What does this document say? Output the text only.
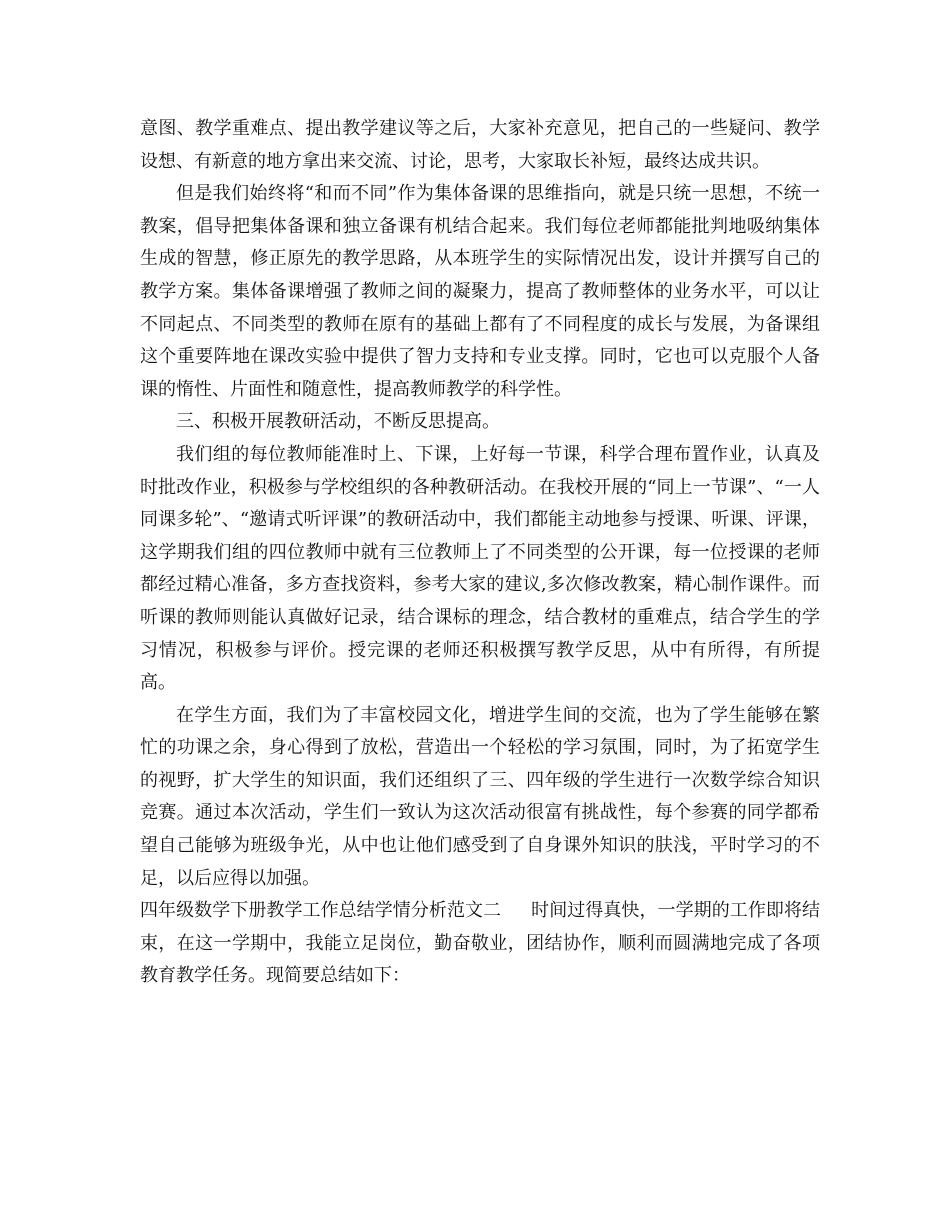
意图、教学重难点、提出教学建议等之后，大家补充意见，把自己的一些疑问、教学设想、有新意的地方拿出来交流、讨论，思考，大家取长补短，最终达成共识。

但是我们始终将“和而不同”作为集体备课的思维指向，就是只统一思想，不统一教案，倡导把集体备课和独立备课有机结合起来。我们每位老师都能批判地吸纳集体生成的智慧，修正原先的教学思路，从本班学生的实际情况出发，设计并撰写自己的教学方案。集体备课增强了教师之间的凝聚力，提高了教师整体的业务水平，可以让不同起点、不同类型的教师在原有的基础上都有了不同程度的成长与发展，为备课组这个重要阵地在课改实验中提供了智力支持和专业支撑。同时，它也可以克服个人备课的惰性、片面性和随意性，提高教师教学的科学性。

三、积极开展教研活动，不断反思提高。

我们组的每位教师能准时上、下课，上好每一节课，科学合理布置作业，认真及时批改作业，积极参与学校组织的各种教研活动。在我校开展的“同上一节课”、“一人同课多轮”、“邀请式听评课”的教研活动中，我们都能主动地参与授课、听课、评课，这学期我们组的四位教师中就有三位教师上了不同类型的公开课，每一位授课的老师都经过精心准备，多方查找资料，参考大家的建议,多次修改教案，精心制作课件。而听课的教师则能认真做好记录，结合课标的理念，结合教材的重难点，结合学生的学习情况，积极参与评价。授完课的老师还积极撰写教学反思，从中有所得，有所提高。

在学生方面，我们为了丰富校园文化，增进学生间的交流，也为了学生能够在繁忙的功课之余，身心得到了放松，营造出一个轻松的学习氛围，同时，为了拓宽学生的视野，扩大学生的知识面，我们还组织了三、四年级的学生进行一次数学综合知识竞赛。通过本次活动，学生们一致认为这次活动很富有挑战性，每个参赛的同学都希望自己能够为班级争光，从中也让他们感受到了自身课外知识的肤浅，平时学习的不足，以后应得以加强。

四年级数学下册教学工作总结学情分析范文二 时间过得真快，一学期的工作即将结束，在这一学期中，我能立足岗位，勤奋敬业，团结协作，顺利而圆满地完成了各项教育教学任务。现简要总结如下：
